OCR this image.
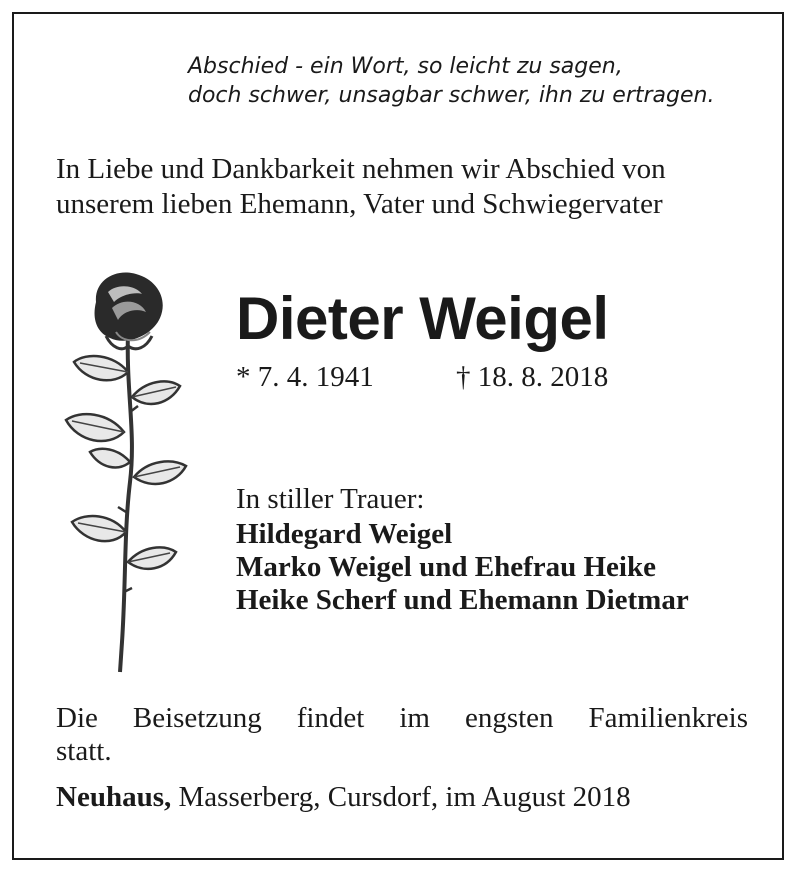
Abschied - ein Wort, so leicht zu sagen,
doch schwer, unsagbar schwer, ihn zu ertragen.
In Liebe und Dankbarkeit nehmen wir Abschied von
unserem lieben Ehemann, Vater und Schwiegervater
Dieter Weigel
* 7. 4. 1941	† 18. 8. 2018
In stiller Trauer:
Hildegard Weigel
Marko Weigel und Ehefrau Heike
Heike Scherf und Ehemann Dietmar
Die Beisetzung findet im engsten Familienkreis
statt.
Neuhaus, Masserberg, Cursdorf, im August 2018
